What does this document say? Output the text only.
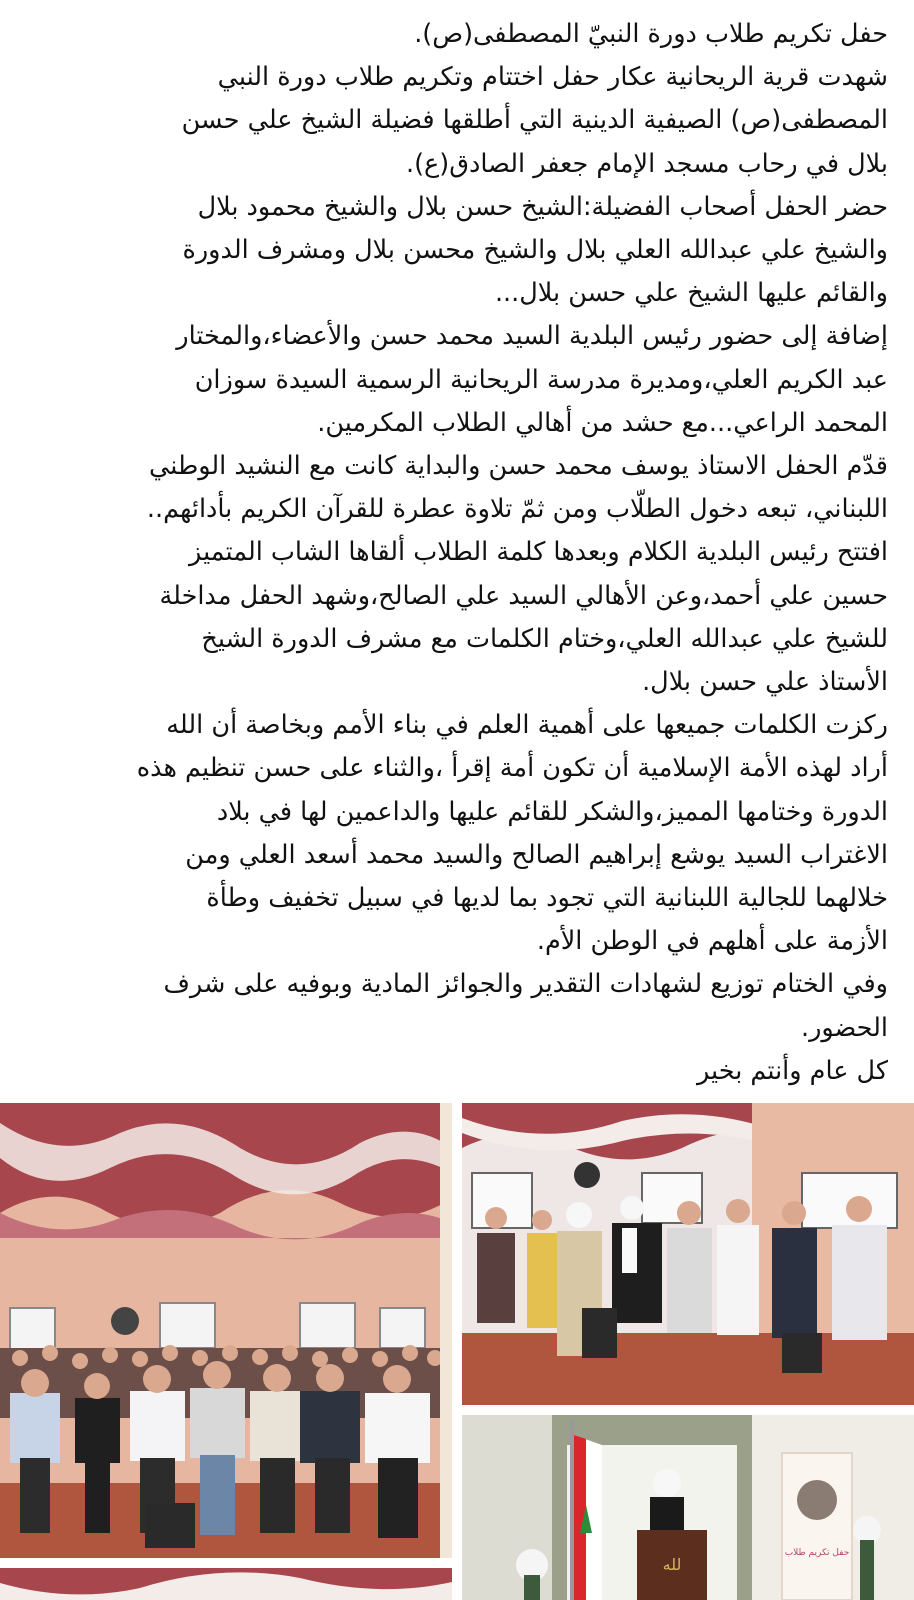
حفل تكريم طلاب دورة النبيّ المصطفى(ص).
شهدت قرية الريحانية عكار حفل اختتام وتكريم طلاب دورة النبي
المصطفى(ص) الصيفية الدينية التي أطلقها فضيلة الشيخ علي حسن
بلال في رحاب مسجد الإمام جعفر الصادق(ع).
حضر الحفل أصحاب الفضيلة:الشيخ حسن بلال والشيخ محمود بلال
والشيخ علي عبدالله العلي بلال والشيخ محسن بلال ومشرف الدورة
والقائم عليها الشيخ علي حسن بلال...
إضافة إلى حضور رئيس البلدية السيد محمد حسن والأعضاء،والمختار
عبد الكريم العلي،ومديرة مدرسة الريحانية الرسمية السيدة سوزان
المحمد الراعي...مع حشد من أهالي الطلاب المكرمين.
قدّم الحفل الاستاذ يوسف محمد حسن والبداية كانت مع النشيد الوطني
اللبناني، تبعه دخول الطلّاب ومن ثمّ تلاوة عطرة للقرآن الكريم بأدائهم..
افتتح رئيس البلدية الكلام وبعدها كلمة الطلاب ألقاها الشاب المتميز
حسين علي أحمد،وعن الأهالي السيد علي الصالح،وشهد الحفل مداخلة
للشيخ علي عبدالله العلي،وختام الكلمات مع مشرف الدورة الشيخ
الأستاذ علي حسن بلال.
ركزت الكلمات جميعها على أهمية العلم في بناء الأمم وبخاصة أن الله
أراد لهذه الأمة الإسلامية أن تكون أمة إقرأ ،والثناء على حسن تنظيم هذه
الدورة وختامها المميز،والشكر للقائم عليها والداعمين لها في بلاد
الاغتراب السيد يوشع إبراهيم الصالح والسيد محمد أسعد العلي ومن
خلالهما للجالية اللبنانية التي تجود بما لديها في سبيل تخفيف وطأة
الأزمة على أهلهم في الوطن الأم.
وفي الختام توزيع لشهادات التقدير والجوائز المادية وبوفيه على شرف
الحضور.
كل عام وأنتم بخير
لله
حفل تكريم طلاب
